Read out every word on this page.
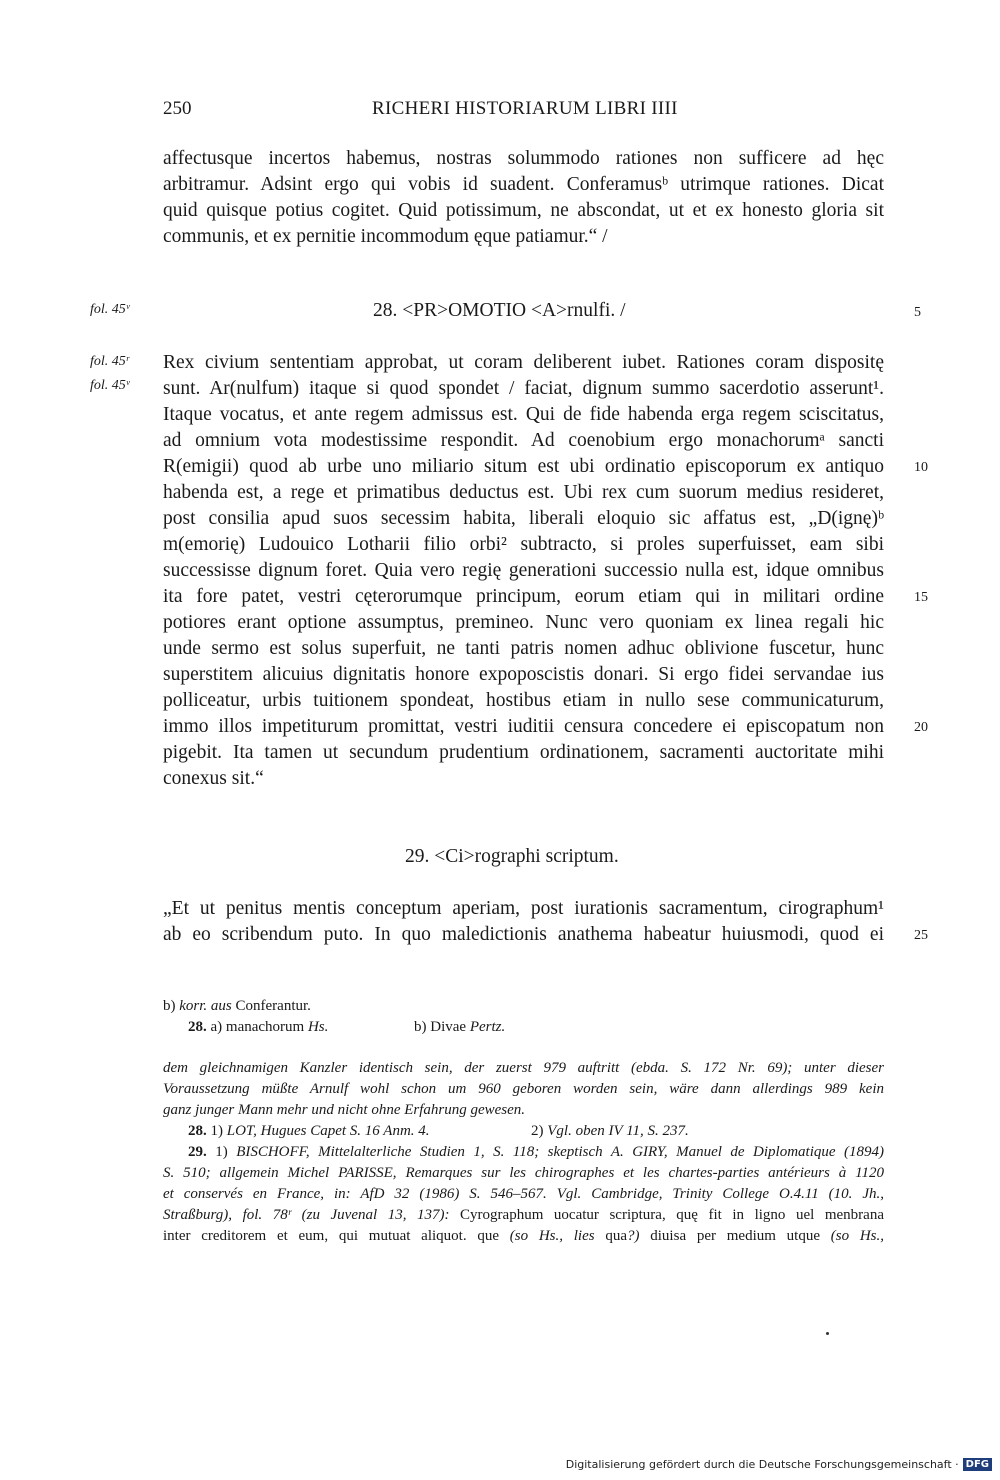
250	RICHERI HISTORIARUM LIBRI IIII
affectusque incertos habemus, nostras solummodo rationes non sufficere ad hęc
arbitramur. Adsint ergo qui vobis id suadent. Conferamusᵇ utrimque rationes. Dicat
quid quisque potius cogitet. Quid potissimum, ne abscondat, ut et ex honesto gloria sit
communis, et ex pernitie incommodum ęque patiamur.“ /
fol. 45ᵛ	28. <PR>OMOTIO <A>rnulfi. /	5
fol. 45ʳ
fol. 45ᵛ
Rex civium sententiam approbat, ut coram deliberent iubet. Rationes coram dispositę
sunt. Ar(nulfum) itaque si quod spondet / faciat, dignum summo sacerdotio asserunt¹.
Itaque vocatus, et ante regem admissus est. Qui de fide habenda erga regem sciscitatus,
ad omnium vota modestissime respondit. Ad coenobium ergo monachorumᵃ sancti
R(emigii) quod ab urbe uno miliario situm est ubi ordinatio episcoporum ex antiquo
habenda est, a rege et primatibus deductus est. Ubi rex cum suorum medius resideret,
post consilia apud suos secessim habita, liberali eloquio sic affatus est, „D(ignę)ᵇ
m(emorię) Ludouico Lotharii filio orbi² subtracto, si proles superfuisset, eam sibi
successisse dignum foret. Quia vero regię generationi successio nulla est, idque omnibus
ita fore patet, vestri cęterorumque principum, eorum etiam qui in militari ordine
potiores erant optione assumptus, premineo. Nunc vero quoniam ex linea regali hic
unde sermo est solus superfuit, ne tanti patris nomen adhuc oblivione fuscetur, hunc
superstitem alicuius dignitatis honore expoposcistis donari. Si ergo fidei servandae ius
polliceatur, urbis tuitionem spondeat, hostibus etiam in nullo sese communicaturum,
immo illos impetiturum promittat, vestri iuditii censura concedere ei episcopatum non
pigebit. Ita tamen ut secundum prudentium ordinationem, sacramenti auctoritate mihi
conexus sit.“
10
15
20
29. <Ci>rographi scriptum.
„Et ut penitus mentis conceptum aperiam, post iurationis sacramentum, cirographum¹
ab eo scribendum puto. In quo maledictionis anathema habeatur huiusmodi, quod ei 25
b) korr. aus Conferantur.
28. a) manachorum Hs.	b) Divae Pertz.
dem gleichnamigen Kanzler identisch sein, der zuerst 979 auftritt (ebda. S. 172 Nr. 69); unter dieser
Voraussetzung müßte Arnulf wohl schon um 960 geboren worden sein, wäre dann allerdings 989 kein
ganz junger Mann mehr und nicht ohne Erfahrung gewesen.
28. 1) LOT, Hugues Capet S. 16 Anm. 4.	2) Vgl. oben IV 11, S. 237.
29. 1) BISCHOFF, Mittelalterliche Studien 1, S. 118; skeptisch A. GIRY, Manuel de Diplomatique (1894)
S. 510; allgemein Michel PARISSE, Remarques sur les chirographes et les chartes-parties antérieurs à 1120
et conservés en France, in: AfD 32 (1986) S. 546–567. Vgl. Cambridge, Trinity College O.4.11 (10. Jh.,
Straßburg), fol. 78ʳ (zu Juvenal 13, 137): Cyrographum uocatur scriptura, quę fit in ligno uel menbrana
inter creditorem et eum, qui mutuat aliquot. que (so Hs., lies qua?) diuisa per medium utque (so Hs.,
Digitalisierung gefördert durch die Deutsche Forschungsgemeinschaft · DFG
